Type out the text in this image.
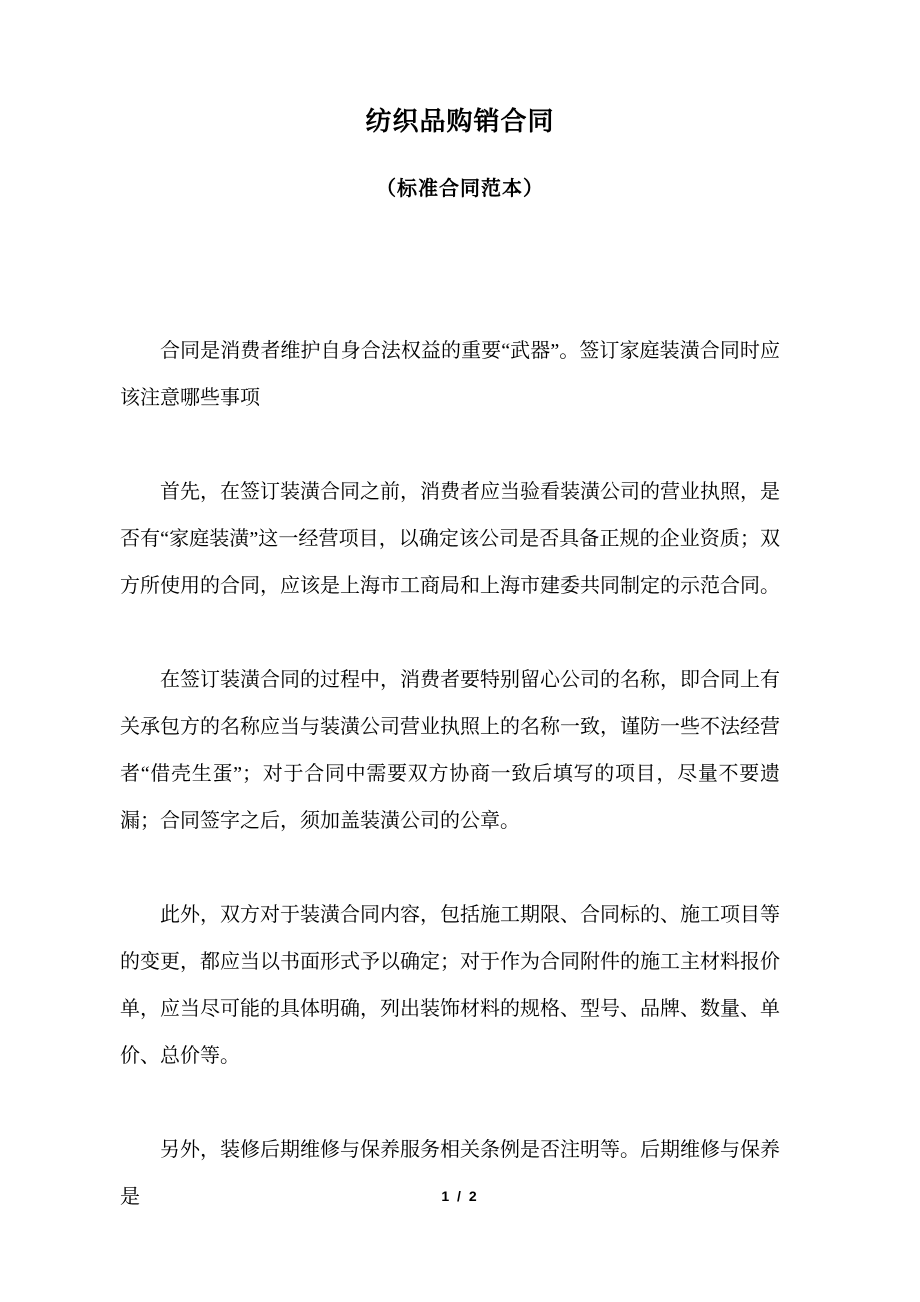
纺织品购销合同
（标准合同范本）

合同是消费者维护自身合法权益的重要“武器”。签订家庭装潢合同时应该注意哪些事项

首先，在签订装潢合同之前，消费者应当验看装潢公司的营业执照，是否有“家庭装潢”这一经营项目，以确定该公司是否具备正规的企业资质；双方所使用的合同，应该是上海市工商局和上海市建委共同制定的示范合同。

在签订装潢合同的过程中，消费者要特别留心公司的名称，即合同上有关承包方的名称应当与装潢公司营业执照上的名称一致，谨防一些不法经营者“借壳生蛋”；对于合同中需要双方协商一致后填写的项目，尽量不要遗漏；合同签字之后，须加盖装潢公司的公章。

此外，双方对于装潢合同内容，包括施工期限、合同标的、施工项目等的变更，都应当以书面形式予以确定；对于作为合同附件的施工主材料报价单，应当尽可能的具体明确，列出装饰材料的规格、型号、品牌、数量、单价、总价等。

另外，装修后期维修与保养服务相关条例是否注明等。后期维修与保养是	1 / 2
